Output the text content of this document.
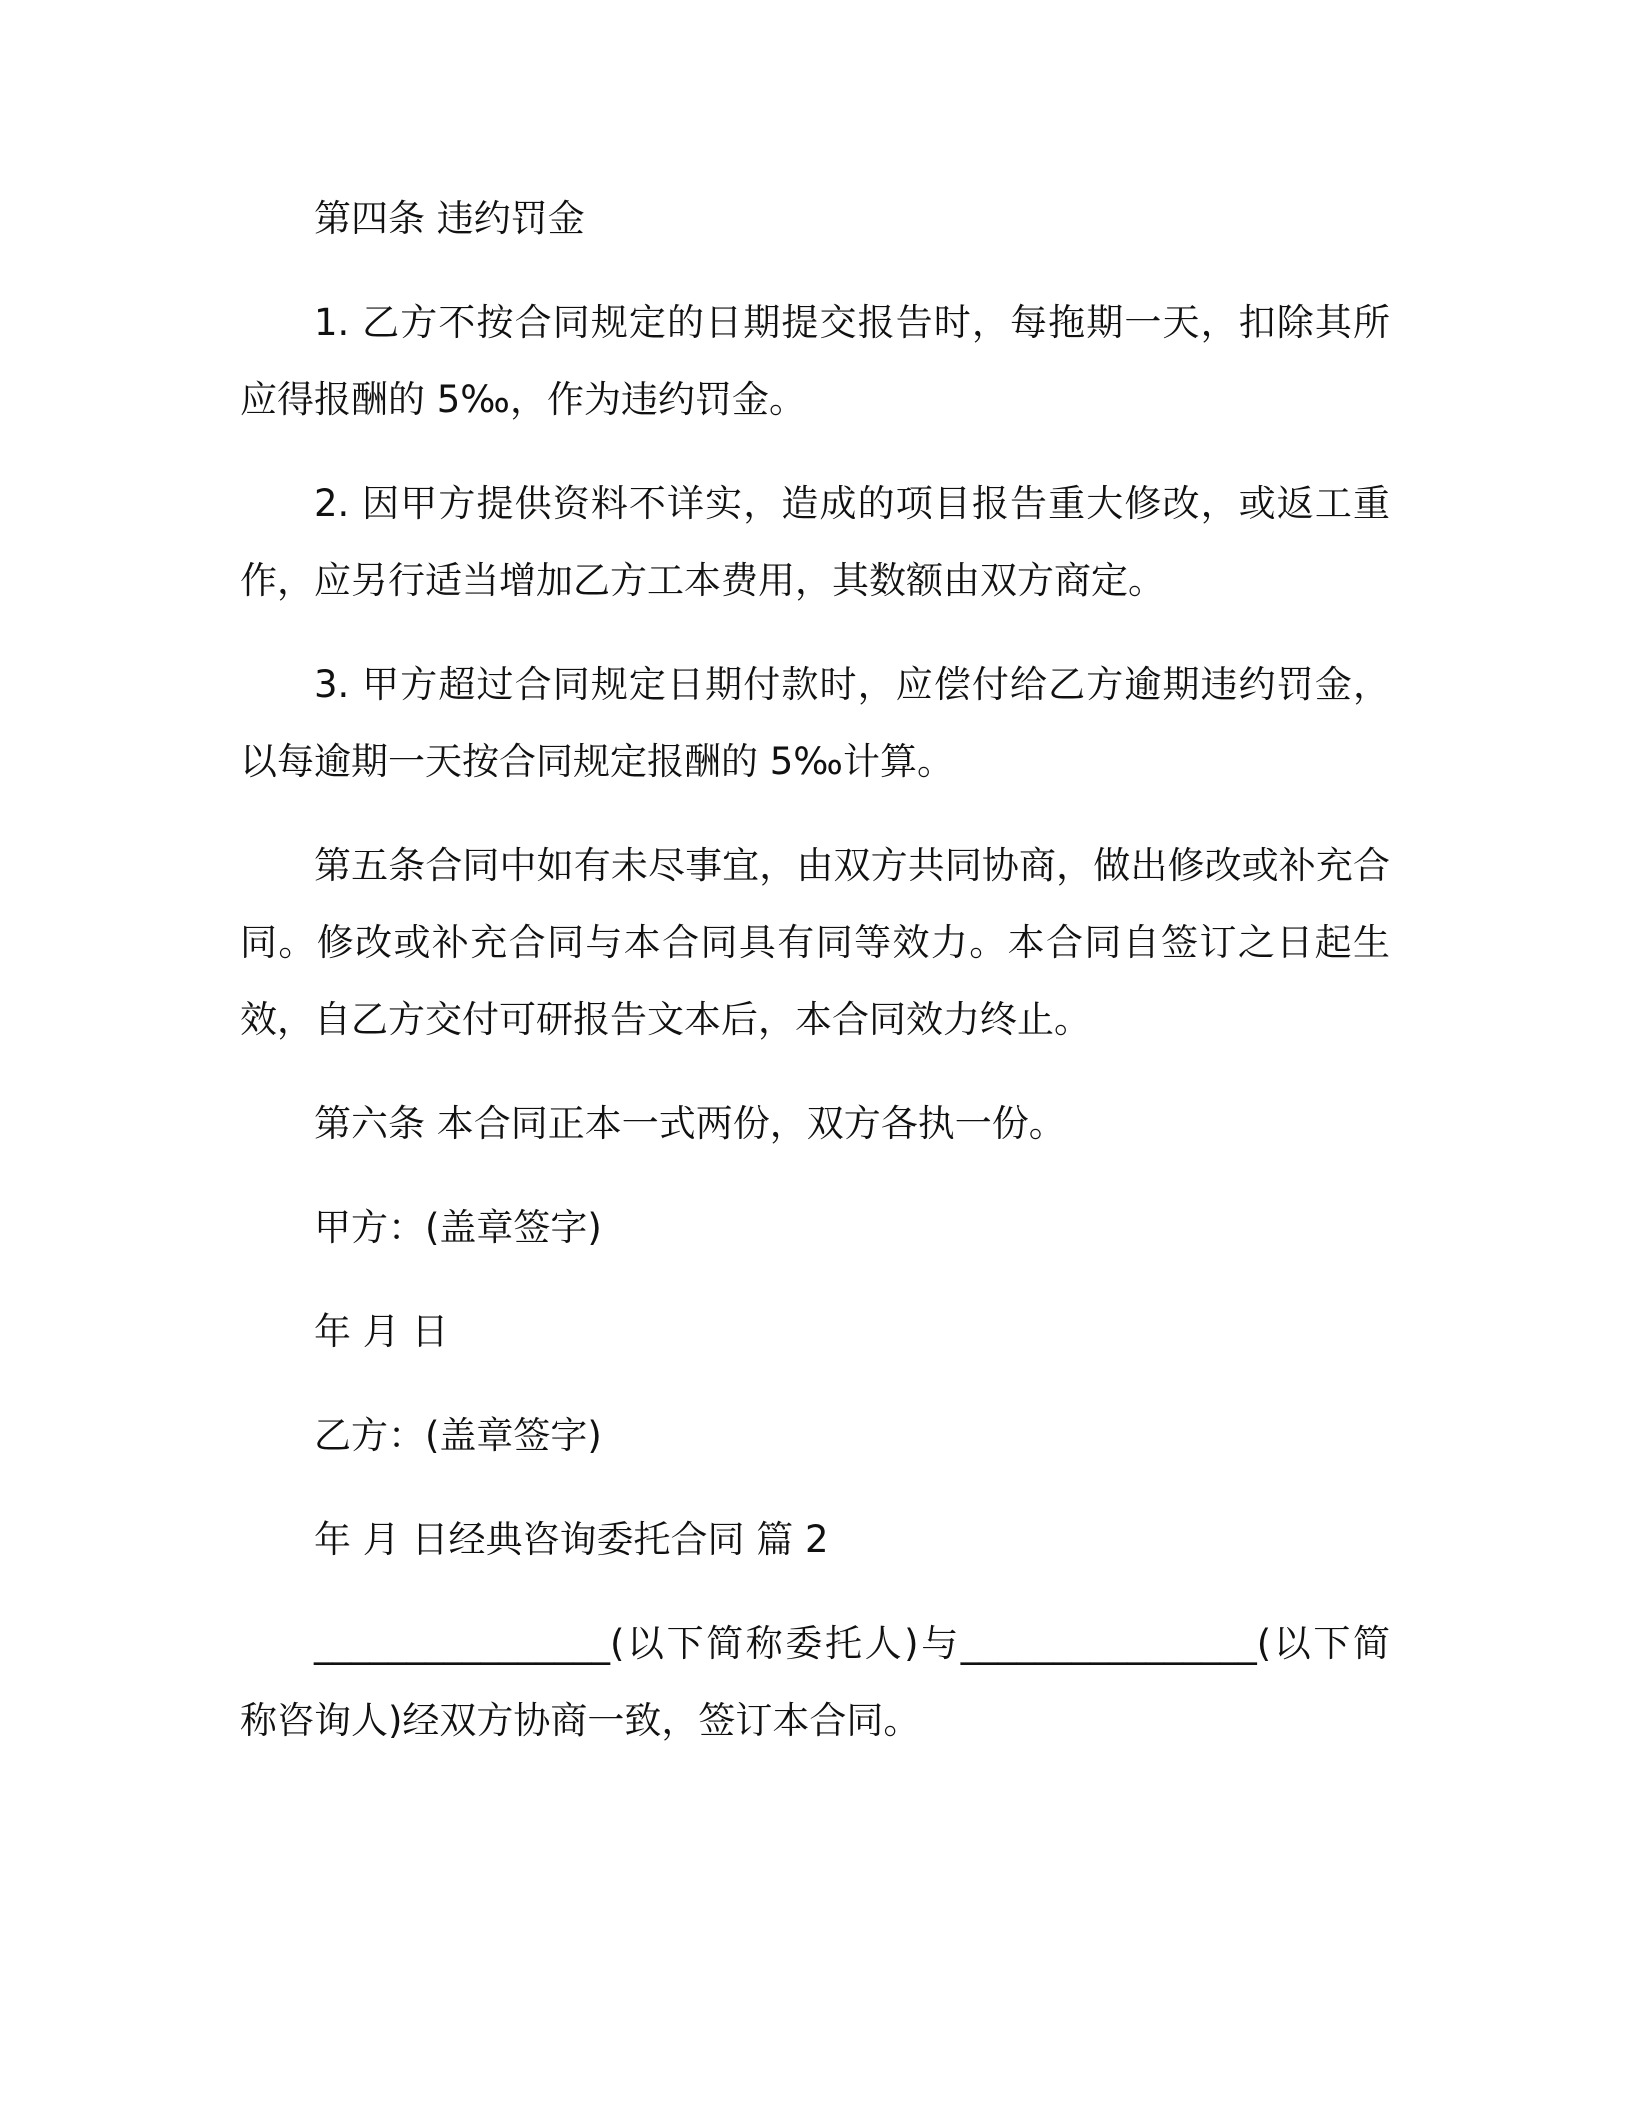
第四条 违约罚金

1. 乙方不按合同规定的日期提交报告时，每拖期一天，扣除其所应得报酬的 5‰，作为违约罚金。

2. 因甲方提供资料不详实，造成的项目报告重大修改，或返工重作，应另行适当增加乙方工本费用，其数额由双方商定。

3. 甲方超过合同规定日期付款时，应偿付给乙方逾期违约罚金，以每逾期一天按合同规定报酬的 5‰计算。

第五条合同中如有未尽事宜，由双方共同协商，做出修改或补充合同。修改或补充合同与本合同具有同等效力。本合同自签订之日起生效，自乙方交付可研报告文本后，本合同效力终止。

第六条 本合同正本一式两份，双方各执一份。

甲方：(盖章签字)

年 月 日

乙方：(盖章签字)

年 月 日经典咨询委托合同 篇 2

________________(以下简称委托人)与________________(以下简称咨询人)经双方协商一致，签订本合同。
